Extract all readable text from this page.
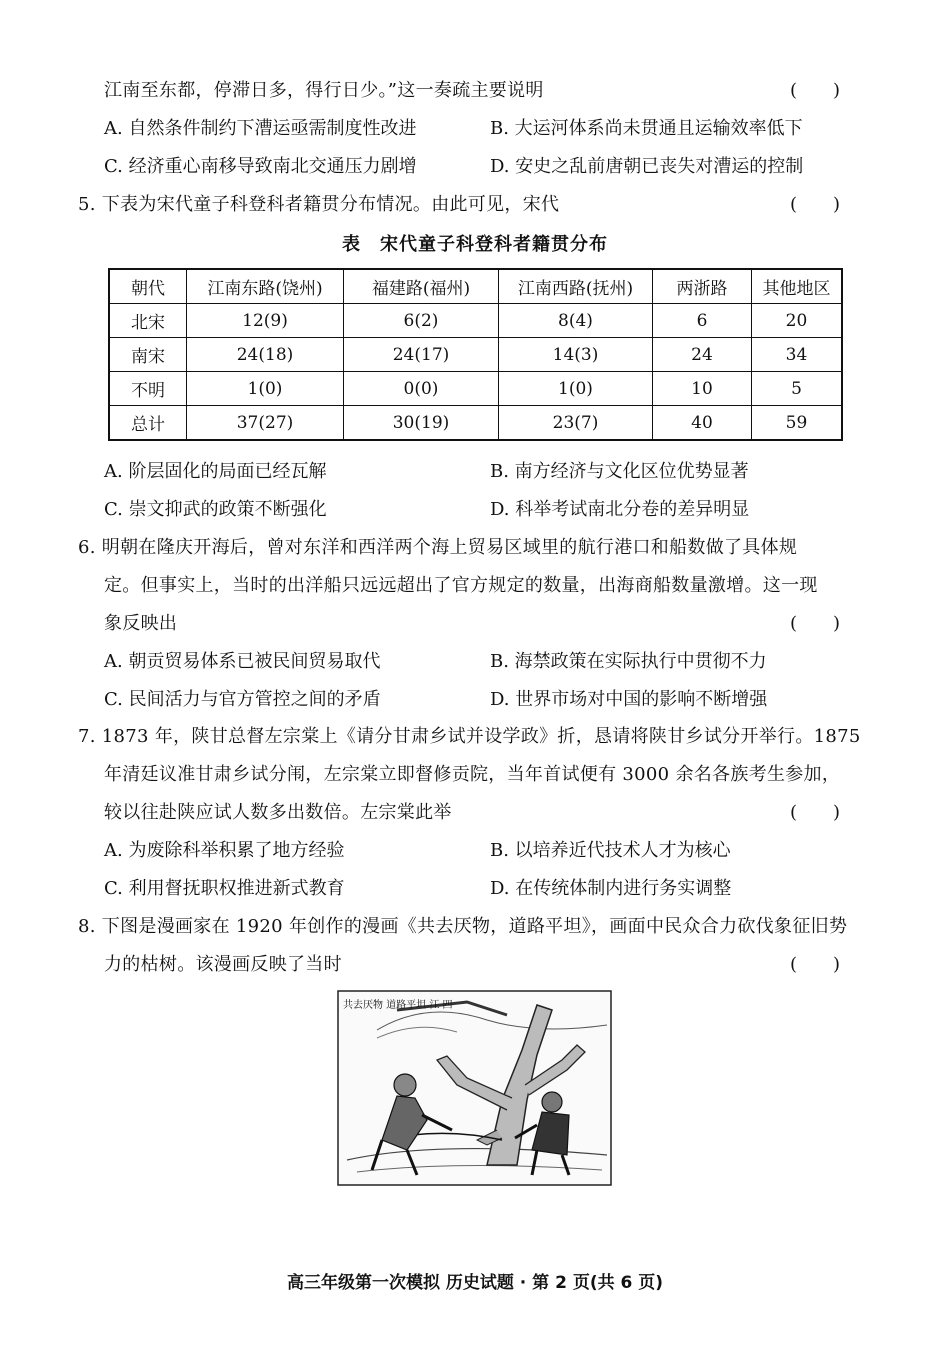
江南至东都，停滞日多，得行日少。”这一奏疏主要说明	(　　)
A. 自然条件制约下漕运亟需制度性改进	B. 大运河体系尚未贯通且运输效率低下
C. 经济重心南移导致南北交通压力剧增	D. 安史之乱前唐朝已丧失对漕运的控制
5. 下表为宋代童子科登科者籍贯分布情况。由此可见，宋代	(　　)
表　宋代童子科登科者籍贯分布
朝代	江南东路(饶州)	福建路(福州)	江南西路(抚州)	两浙路	其他地区
北宋	12(9)	6(2)	8(4)	6	20
南宋	24(18)	24(17)	14(3)	24	34
不明	1(0)	0(0)	1(0)	10	5
总计	37(27)	30(19)	23(7)	40	59
A. 阶层固化的局面已经瓦解	B. 南方经济与文化区位优势显著
C. 崇文抑武的政策不断强化	D. 科举考试南北分卷的差异明显
6. 明朝在隆庆开海后，曾对东洋和西洋两个海上贸易区域里的航行港口和船数做了具体规
定。但事实上，当时的出洋船只远远超出了官方规定的数量，出海商船数量激增。这一现
象反映出	(　　)
A. 朝贡贸易体系已被民间贸易取代	B. 海禁政策在实际执行中贯彻不力
C. 民间活力与官方管控之间的矛盾	D. 世界市场对中国的影响不断增强
7. 1873 年，陕甘总督左宗棠上《请分甘肃乡试并设学政》折，恳请将陕甘乡试分开举行。1875
年清廷议准甘肃乡试分闱，左宗棠立即督修贡院，当年首试便有 3000 余名各族考生参加，
较以往赴陕应试人数多出数倍。左宗棠此举	(　　)
A. 为废除科举积累了地方经验	B. 以培养近代技术人才为核心
C. 利用督抚职权推进新式教育	D. 在传统体制内进行务实调整
8. 下图是漫画家在 1920 年创作的漫画《共去厌物，道路平坦》，画面中民众合力砍伐象征旧势
力的枯树。该漫画反映了当时	(　　)
共去厌物 道路平坦 江 四
高三年级第一次模拟 历史试题 · 第 2 页(共 6 页)
